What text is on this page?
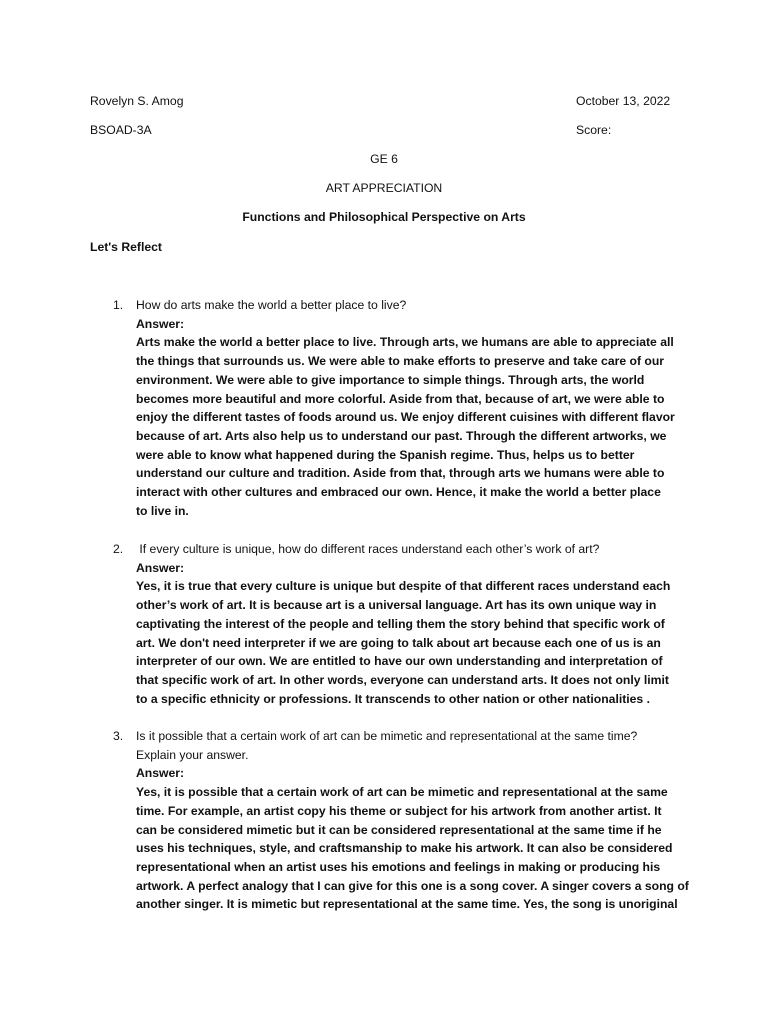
Rovelyn S. Amog	October 13, 2022
BSOAD-3A	Score:
GE 6
ART APPRECIATION
Functions and Philosophical Perspective on Arts
Let's Reflect
1. How do arts make the world a better place to live?
Answer:
Arts make the world a better place to live. Through arts, we humans are able to appreciate all
the things that surrounds us. We were able to make efforts to preserve and take care of our
environment. We were able to give importance to simple things. Through arts, the world
becomes more beautiful and more colorful. Aside from that, because of art, we were able to
enjoy the different tastes of foods around us. We enjoy different cuisines with different flavor
because of art. Arts also help us to understand our past. Through the different artworks, we
were able to know what happened during the Spanish regime. Thus, helps us to better
understand our culture and tradition. Aside from that, through arts we humans were able to
interact with other cultures and embraced our own. Hence, it make the world a better place
to live in.
2. If every culture is unique, how do different races understand each other’s work of art?
Answer:
Yes, it is true that every culture is unique but despite of that different races understand each
other’s work of art. It is because art is a universal language. Art has its own unique way in
captivating the interest of the people and telling them the story behind that specific work of
art. We don't need interpreter if we are going to talk about art because each one of us is an
interpreter of our own. We are entitled to have our own understanding and interpretation of
that specific work of art. In other words, everyone can understand arts. It does not only limit
to a specific ethnicity or professions. It transcends to other nation or other nationalities .
3. Is it possible that a certain work of art can be mimetic and representational at the same time?
Explain your answer.
Answer:
Yes, it is possible that a certain work of art can be mimetic and representational at the same
time. For example, an artist copy his theme or subject for his artwork from another artist. It
can be considered mimetic but it can be considered representational at the same time if he
uses his techniques, style, and craftsmanship to make his artwork. It can also be considered
representational when an artist uses his emotions and feelings in making or producing his
artwork. A perfect analogy that I can give for this one is a song cover. A singer covers a song of
another singer. It is mimetic but representational at the same time. Yes, the song is unoriginal
